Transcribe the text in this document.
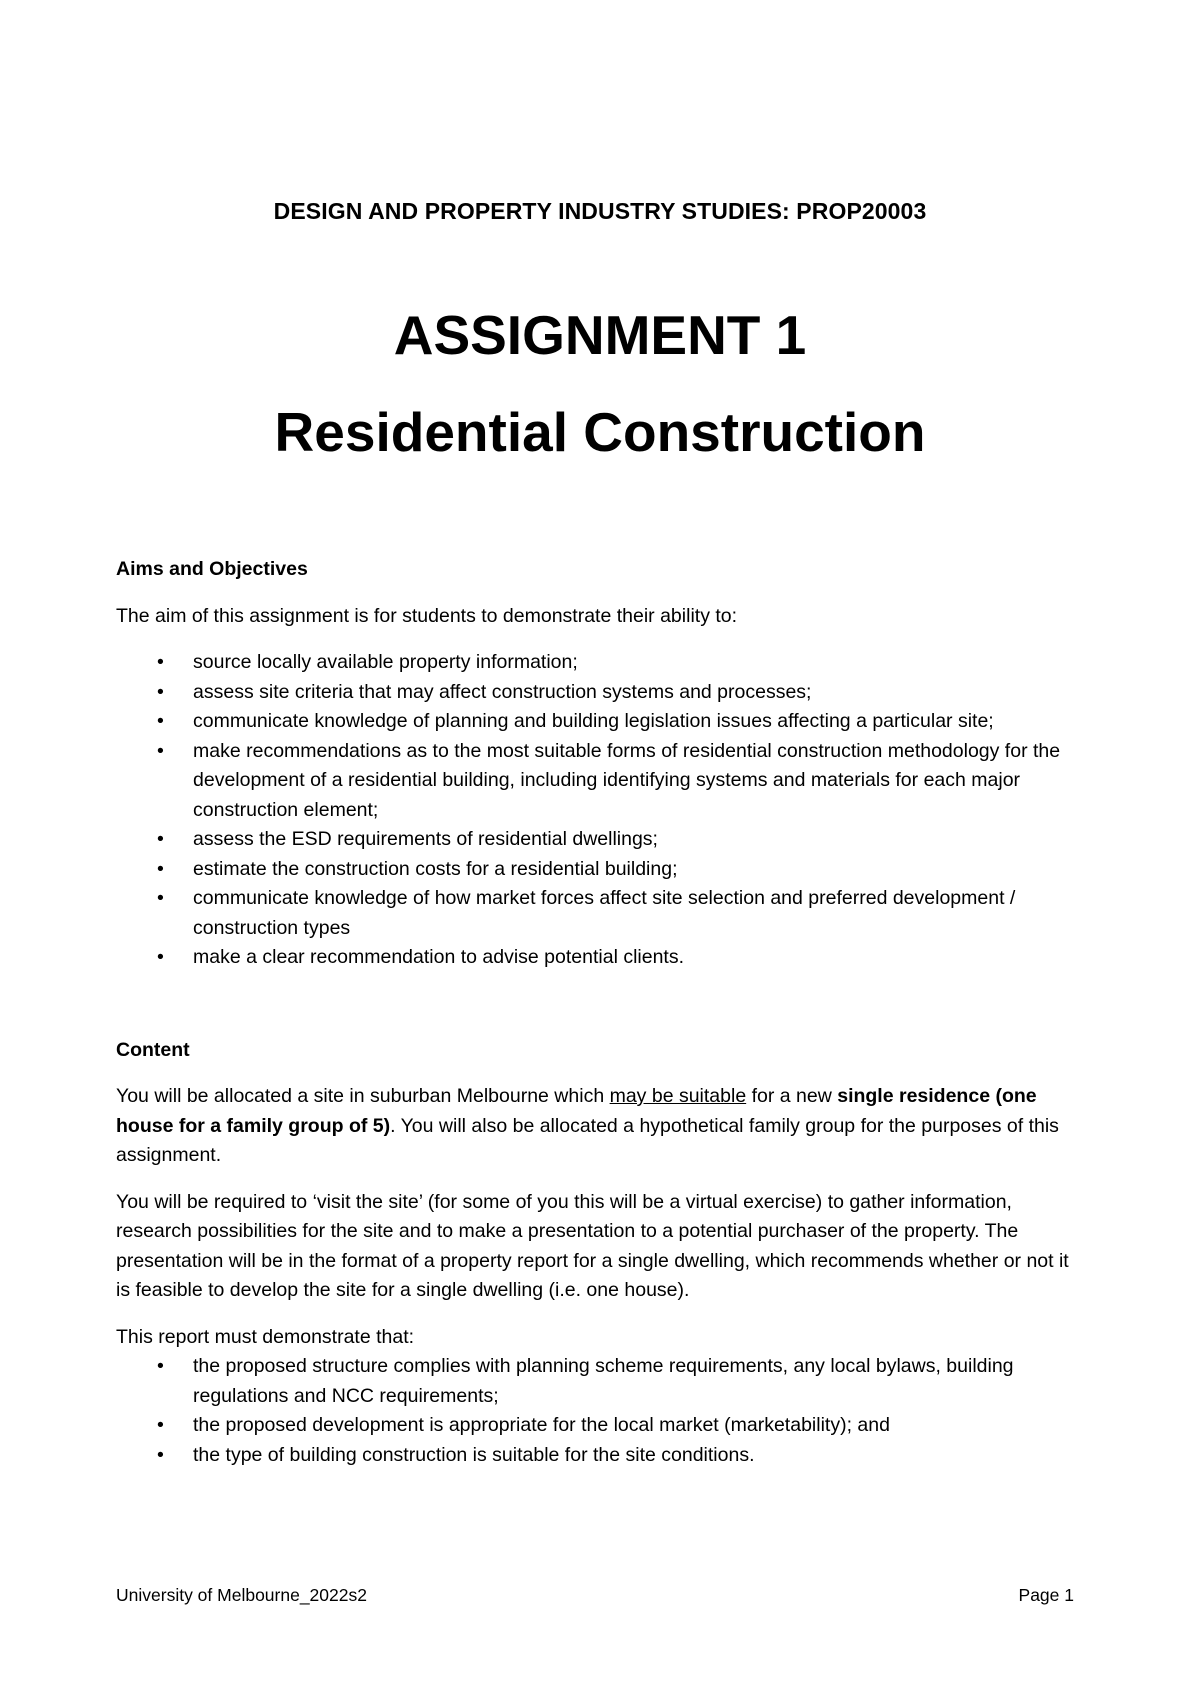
DESIGN AND PROPERTY INDUSTRY STUDIES: PROP20003
ASSIGNMENT 1
Residential Construction

Aims and Objectives

The aim of this assignment is for students to demonstrate their ability to:

• source locally available property information;
• assess site criteria that may affect construction systems and processes;
• communicate knowledge of planning and building legislation issues affecting a particular site;
• make recommendations as to the most suitable forms of residential construction methodology for the development of a residential building, including identifying systems and materials for each major construction element;
• assess the ESD requirements of residential dwellings;
• estimate the construction costs for a residential building;
• communicate knowledge of how market forces affect site selection and preferred development / construction types
• make a clear recommendation to advise potential clients.

Content

You will be allocated a site in suburban Melbourne which may be suitable for a new single residence (one house for a family group of 5). You will also be allocated a hypothetical family group for the purposes of this assignment.

You will be required to ‘visit the site’ (for some of you this will be a virtual exercise) to gather information, research possibilities for the site and to make a presentation to a potential purchaser of the property. The presentation will be in the format of a property report for a single dwelling, which recommends whether or not it is feasible to develop the site for a single dwelling (i.e. one house).

This report must demonstrate that:

• the proposed structure complies with planning scheme requirements, any local bylaws, building regulations and NCC requirements;
• the proposed development is appropriate for the local market (marketability); and
• the type of building construction is suitable for the site conditions.
University of Melbourne_2022s2	Page 1
